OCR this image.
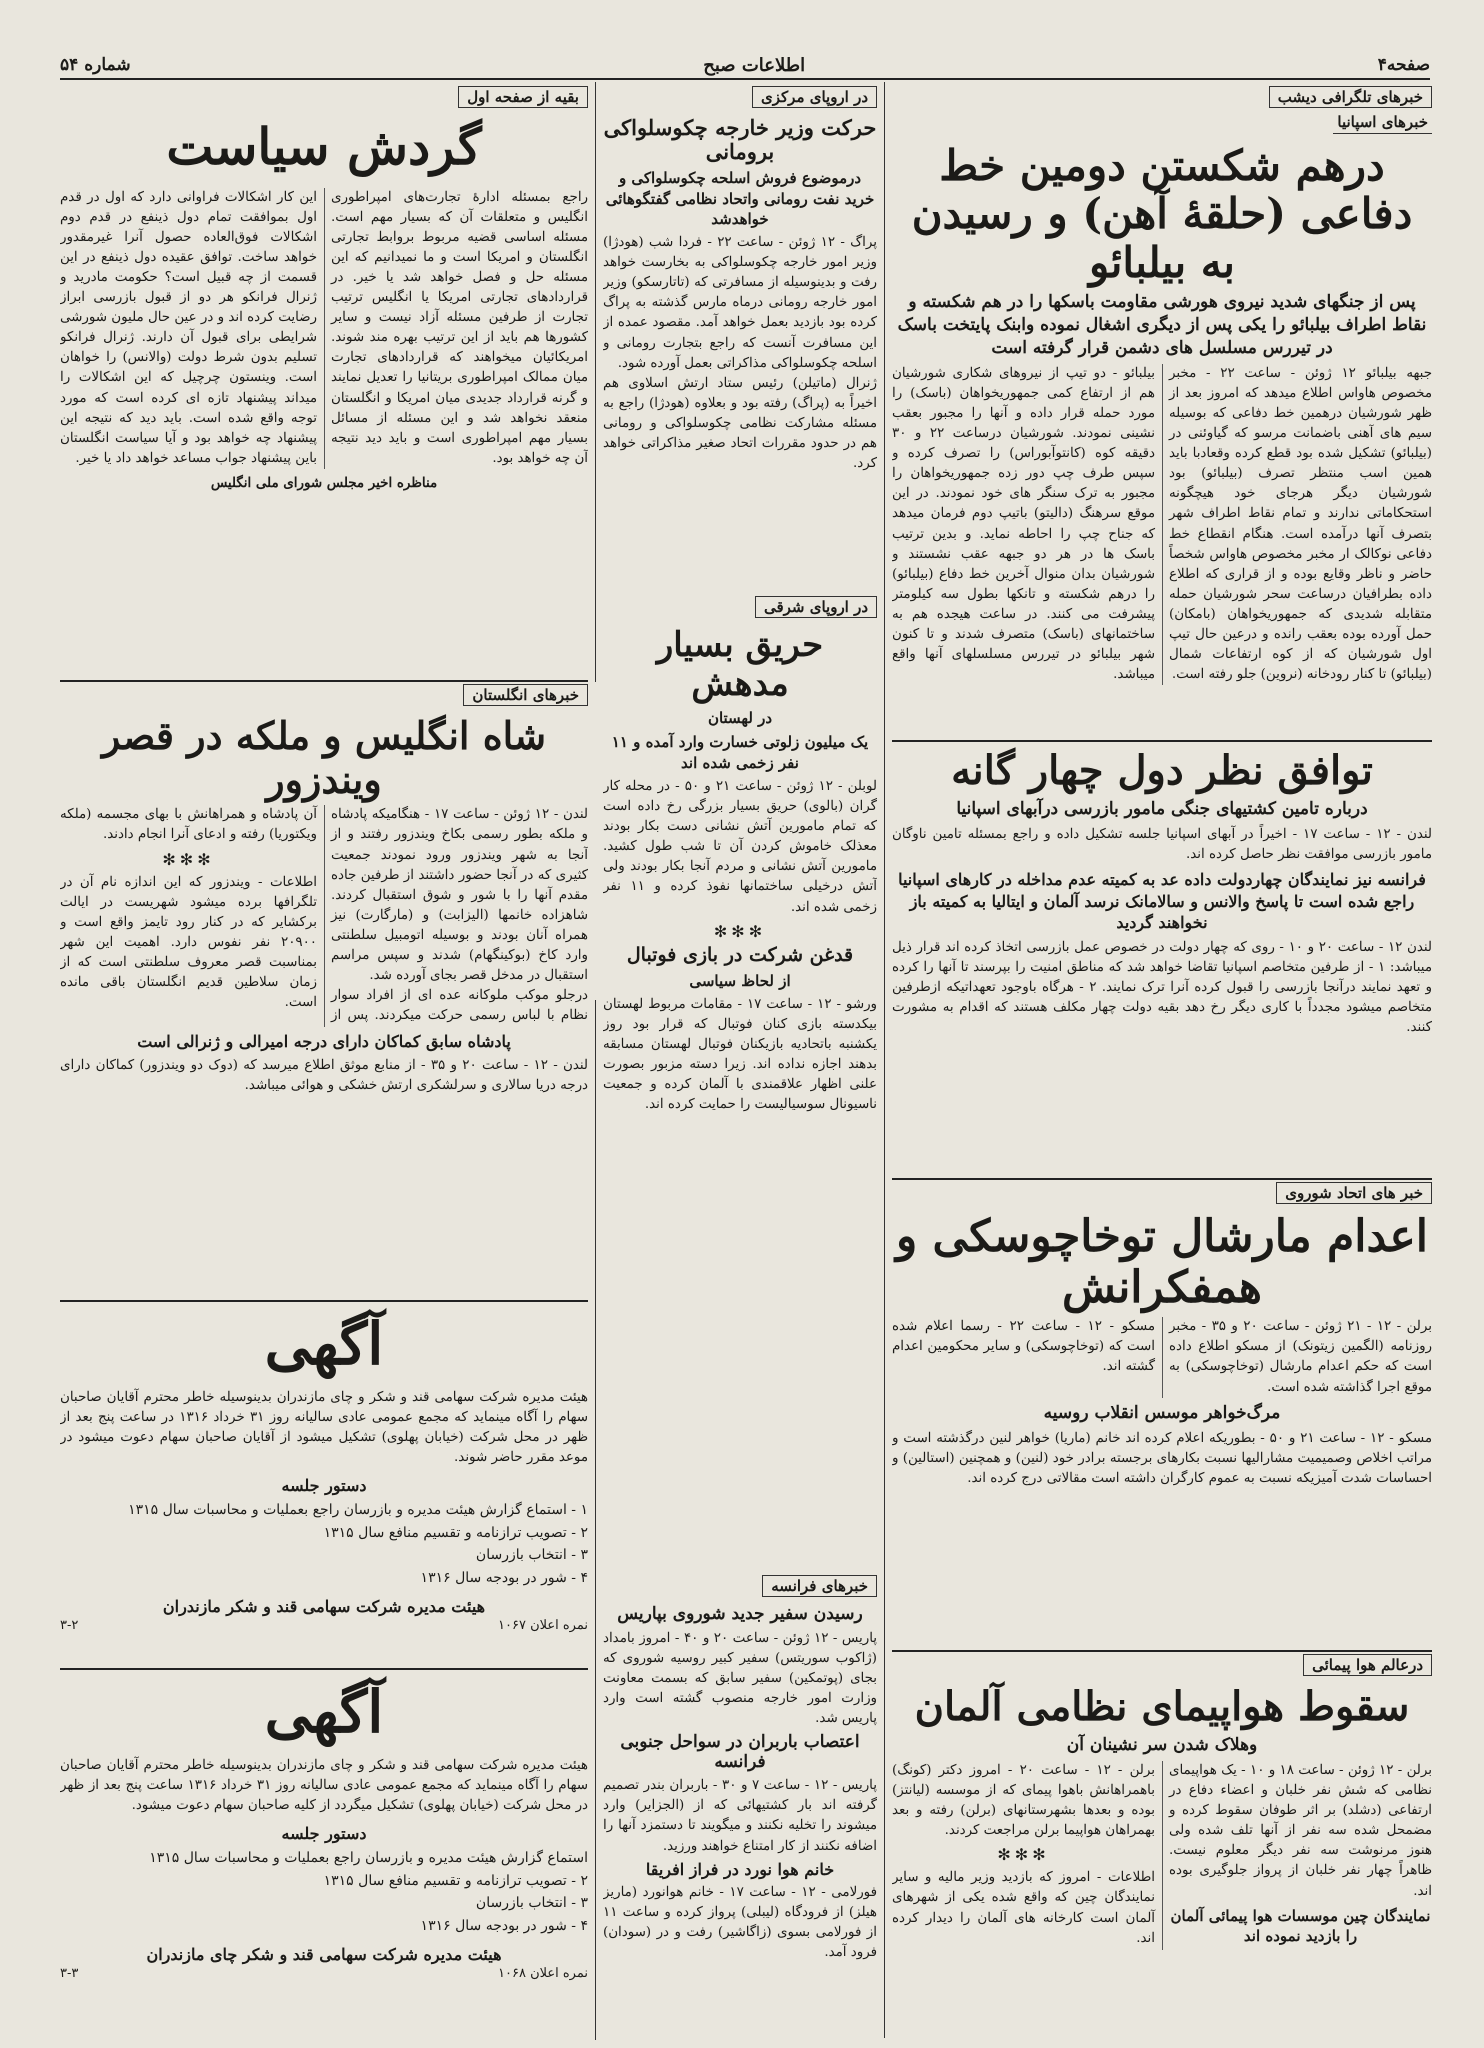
صفحه۴
اطلاعات صبح
شماره ۵۴
خبرهای تلگرافی دیشب
خبرهای اسپانیا
درهم شکستن دومین خط دفاعی (حلقهٔ آهن) و رسیدن به بیلبائو
پس از جنگهای شدید نیروی هورشی مقاومت باسکها را در هم شکسته و نقاط اطراف بیلبائو را یکی پس از دیگری اشغال نموده وابنک پایتخت باسک در تیررس مسلسل های دشمن قرار گرفته است

جبهه بیلبائو ۱۲ ژوئن - ساعت ۲۲ - مخبر مخصوص هاواس اطلاع میدهد که امروز بعد از ظهر شورشیان درهمین خط دفاعی که بوسیله سیم های آهنی باضمانت مرسو که گیاوئنی در (بیلبائو) تشکیل شده بود قطع کرده وقعادبا باید همین اسب منتظر تصرف (بیلبائو) بود شورشیان دیگر هرجای خود هیچگونه استحکاماتی ندارند و تمام نقاط اطراف شهر بتصرف آنها درآمده است. هنگام انقطاع خط دفاعی نوکالک ار مخبر مخصوص هاواس شخصاً حاضر و ناظر وقایع بوده و از قراری که اطلاع داده بطرافیان درساعت سحر شورشیان حمله متقابله شدیدی که جمهوریخواهان (بامکان) حمل آورده بوده بعقب رانده و درعین حال تیپ اول شورشیان که از کوه ارتفاعات شمال (بیلبائو) تا کنار رودخانه (نروین) جلو رفته است.

بیلبائو - دو تیپ از نیروهای شکاری شورشیان هم از ارتفاع کمی جمهوریخواهان (باسک) را مورد حمله قرار داده و آنها را مجبور بعقب نشینی نمودند. شورشیان درساعت ۲۲ و ۳۰ دقیقه کوه (کانتوآبوراس) را تصرف کرده و سپس طرف چپ دور زده جمهوریخواهان را مجبور به ترک سنگر های خود نمودند. در این موقع سرهنگ (دالیتو) باتیپ دوم فرمان میدهد که جناح چپ را احاطه نماید. و بدین ترتیب باسک ها در هر دو جبهه عقب نشستند و شورشیان بدان منوال آخرین خط دفاع (بیلبائو) را درهم شکسته و تانکها بطول سه کیلومتر پیشرفت می کنند. در ساعت هیجده هم به ساختمانهای (باسک) متصرف شدند و تا کنون شهر بیلبائو در تیررس مسلسلهای آنها واقع میباشد.

توافق نظر دول چهار گانه
درباره تامین کشتیهای جنگی مامور بازرسی درآبهای اسپانیا

لندن - ۱۲ - ساعت ۱۷ - اخیراً در آبهای اسپانیا جلسه تشکیل داده و راجع بمسئله تامین ناوگان مامور بازرسی موافقت نظر حاصل کرده اند.

فرانسه نیز نمایندگان چهاردولت داده عد به کمیته عدم مداخله در کارهای اسپانیا راجع شده است تا پاسخ والانس و سالامانک نرسد آلمان و ایتالیا به کمیته باز نخواهند گردید

لندن ۱۲ - ساعت ۲۰ و ۱۰ - روی که چهار دولت در خصوص عمل بازرسی اتخاذ کرده اند قرار ذیل میباشد: ۱ - از طرفین متخاصم اسپانیا تقاضا خواهد شد که مناطق امنیت را بپرسند تا آنها را کرده و تعهد نمایند درآنجا بازرسی را قبول کرده آنرا ترک نمایند. ۲ - هرگاه باوجود تعهداتیکه ازطرفین متخاصم میشود مجدداً با کاری دیگر رخ دهد بقیه دولت چهار مکلف هستند که اقدام به مشورت کنند.

خبر های اتحاد شوروی
اعدام مارشال توخاچوسکی و همفکرانش

برلن - ۱۲ - ۲۱ ژوئن - ساعت ۲۰ و ۳۵ - مخبر روزنامه (الگمین زیتونک) از مسکو اطلاع داده است که حکم اعدام مارشال (توخاچوسکی) به موقع اجرا گذاشته شده است.

مسکو - ۱۲ - ساعت ۲۲ - رسما اعلام شده است که (توخاچوسکی) و سایر محکومین اعدام گشته اند.

مرگ‌خواهر موسس انقلاب روسیه

مسکو - ۱۲ - ساعت ۲۱ و ۵۰ - بطوریکه اعلام کرده اند خانم (ماریا) خواهر لنین درگذشته است و مراتب اخلاص وصمیمیت مشارالیها نسبت بکارهای برجسته برادر خود (لنین) و همچنین (استالین) و احساسات شدت آمیزیکه نسبت به عموم کارگران داشته است مقالاتی درج کرده اند.

درعالم هوا پیمائی
سقوط هواپیمای نظامی آلمان
وهلاک شدن سر نشینان آن

برلن - ۱۲ ژوئن - ساعت ۱۸ و ۱۰ - یک هواپیمای نظامی که شش نفر خلبان و اعضاء دفاع در ارتفاعی (دشلد) بر اثر طوفان سقوط کرده و مضمحل شده سه نفر از آنها تلف شده ولی هنوز مرنوشت سه نفر دیگر معلوم نیست. ظاهراً چهار نفر خلبان از پرواز جلوگیری بوده اند.

نمایندگان چین موسسات هوا پیمائی آلمان را بازدید نموده اند

برلن - ۱۲ - ساعت ۲۰ - امروز دکتر (کونگ) باهمراهانش باهوا پیمای که از موسسه (لیانتز) بوده و بعدها بشهرستانهای (برلن) رفته و بعد بهمراهان هواپیما برلن مراجعت کردند.

✻✻✻

اطلاعات - امروز که بازدید وزیر مالیه و سایر نمایندگان چین که واقع شده یکی از شهرهای آلمان است کارخانه های آلمان را دیدار کرده اند.

در اروپای مرکزی
حرکت وزیر خارجه چکوسلواکی برومانی
درموضوع فروش اسلحه چکوسلواکی و خرید نفت رومانی واتحاد نظامی گفتگوهائی خواهدشد

پراگ - ۱۲ ژوئن - ساعت ۲۲ - فردا شب (هودژا) وزیر امور خارجه چکوسلواکی به بخارست خواهد رفت و بدینوسیله از مسافرتی که (تاتارسکو) وزیر امور خارجه رومانی درماه مارس گذشته به پراگ کرده بود بازدید بعمل خواهد آمد. مقصود عمده از این مسافرت آنست که راجع بتجارت رومانی و اسلحه چکوسلواکی مذاکراتی بعمل آورده شود.

ژنرال (ماتیلن) رئیس ستاد ارتش اسلاوی هم اخیراً به (پراگ) رفته بود و بعلاوه (هودژا) راجع به مسئله مشارکت نظامی چکوسلواکی و رومانی هم در حدود مقررات اتحاد صغیر مذاکراتی خواهد کرد.

در اروپای شرقی
حریق بسیار مدهش
در لهستان
یک میلیون زلوتی خسارت وارد آمده و ۱۱ نفر زخمی شده اند

لوبلن - ۱۲ ژوئن - ساعت ۲۱ و ۵۰ - در محله کار گران (بالوی) حریق بسیار بزرگی رخ داده است که تمام مامورین آتش نشانی دست بکار بودند معذلک خاموش کردن آن تا شب طول کشید. مامورین آتش نشانی و مردم آنجا بکار بودند ولی آتش درخیلی ساختمانها نفوذ کرده و ۱۱ نفر زخمی شده اند.

✻✻✻
قدغن شرکت در بازی فوتبال
از لحاظ سیاسی

ورشو - ۱۲ - ساعت ۱۷ - مقامات مربوط لهستان بیکدسته بازی کنان فوتبال که قرار بود روز یکشنبه باتحادیه بازیکنان فوتبال لهستان مسابقه بدهند اجازه نداده اند. زیرا دسته مزبور بصورت علنی اظهار علاقمندی با آلمان کرده و جمعیت ناسیونال سوسیالیست را حمایت کرده اند.

خبرهای فرانسه
رسیدن سفیر جدید شوروی بپاریس

پاریس - ۱۲ ژوئن - ساعت ۲۰ و ۴۰ - امروز بامداد (ژاکوب سوریتس) سفیر کبیر روسیه شوروی که بجای (پوتمکین) سفیر سابق که بسمت معاونت وزارت امور خارجه منصوب گشته است وارد پاریس شد.

اعتصاب باربران در سواحل جنوبی فرانسه

پاریس - ۱۲ - ساعت ۷ و ۳۰ - باربران بندر تصمیم گرفته اند بار کشتیهائی که از (الجزایر) وارد میشوند را تخلیه نکنند و میگویند تا دستمزد آنها را اضافه نکنند از کار امتناع خواهند ورزید.

خانم هوا نورد در فراز افریقا

فورلامی - ۱۲ - ساعت ۱۷ - خانم هوانورد (ماریز هیلز) از فرودگاه (لیبلی) پرواز کرده و ساعت ۱۱ از فورلامی بسوی (زاگاشیر) رفت و در (سودان) فرود آمد.

بقیه از صفحه اول
گردش سیاست

راجع بمسئله ادارهٔ تجارت‌های امپراطوری انگلیس و متعلقات آن که بسیار مهم است. مسئله اساسی قضیه مربوط بروابط تجارتی انگلستان و امریکا است و ما نمیدانیم که این مسئله حل و فصل خواهد شد یا خیر. در قراردادهای تجارتی امریکا یا انگلیس ترتیب تجارت از طرفین مسئله آزاد نیست و سایر کشورها هم باید از این ترتیب بهره مند شوند. امریکائیان میخواهند که قراردادهای تجارت میان ممالک امپراطوری بریتانیا را تعدیل نمایند و گرنه قرارداد جدیدی میان امریکا و انگلستان منعقد نخواهد شد و این مسئله از مسائل بسیار مهم امپراطوری است و باید دید نتیجه آن چه خواهد بود.

این کار اشکالات فراوانی دارد که اول در قدم اول بموافقت تمام دول ذینفع در قدم دوم اشکالات فوق‌العاده حصول آنرا غیرمقدور خواهد ساخت. توافق عقیده دول ذینفع در این قسمت از چه قبیل است؟ حکومت مادرید و ژنرال فرانکو هر دو از قبول بازرسی ابراز رضایت کرده اند و در عین حال ملیون شورشی شرایطی برای قبول آن دارند. ژنرال فرانکو تسلیم بدون شرط دولت (والانس) را خواهان است. وینستون چرچیل که این اشکالات را میداند پیشنهاد تازه ای کرده است که مورد توجه واقع شده است. باید دید که نتیجه این پیشنهاد چه خواهد بود و آیا سیاست انگلستان باین پیشنهاد جواب مساعد خواهد داد یا خیر.

مناظره اخیر مجلس شورای ملی انگلیس

خبرهای انگلستان
شاه انگلیس و ملکه در قصر ویندزور

لندن - ۱۲ ژوئن - ساعت ۱۷ - هنگامیکه پادشاه و ملکه بطور رسمی بکاخ ویندزور رفتند و از آنجا به شهر ویندزور ورود نمودند جمعیت کثیری که در آنجا حضور داشتند از طرفین جاده مقدم آنها را با شور و شوق استقبال کردند. شاهزاده خانمها (الیزابت) و (مارگارت) نیز همراه آنان بودند و بوسیله اتومبیل سلطنتی وارد کاخ (بوکینگهام) شدند و سپس مراسم استقبال در مدخل قصر بجای آورده شد.

درجلو موکب ملوکانه عده ای از افراد سوار نظام با لباس رسمی حرکت میکردند. پس از آن پادشاه و همراهانش با بهای مجسمه (ملکه ویکتوریا) رفته و ادعای آنرا انجام دادند.

✻✻✻

اطلاعات - ویندزور که این اندازه نام آن در تلگرافها برده میشود شهریست در ایالت برکشایر که در کنار رود تایمز واقع است و ۲۰۹۰۰ نفر نفوس دارد. اهمیت این شهر بمناسبت قصر معروف سلطنتی است که از زمان سلاطین قدیم انگلستان باقی مانده است.

پادشاه سابق کماکان دارای درجه امیرالی و ژنرالی است

لندن - ۱۲ - ساعت ۲۰ و ۳۵ - از منابع موثق اطلاع میرسد که (دوک دو ویندزور) کماکان دارای درجه دریا سالاری و سرلشکری ارتش خشکی و هوائی میباشد.

آگهی

هیئت مدیره شرکت سهامی قند و شکر و چای مازندران بدینوسیله خاطر محترم آقایان صاحبان سهام را آگاه مینماید که مجمع عمومی عادی سالیانه روز ۳۱ خرداد ۱۳۱۶ در ساعت پنج بعد از ظهر در محل شرکت (خیابان پهلوی) تشکیل میشود از آقایان صاحبان سهام دعوت میشود در موعد مقرر حاضر شوند.

دستور جلسه
۱ - استماع گزارش هیئت مدیره و بازرسان راجع بعملیات و محاسبات سال ۱۳۱۵
۲ - تصویب ترازنامه و تقسیم منافع سال ۱۳۱۵
۳ - انتخاب بازرسان
۴ - شور در بودجه سال ۱۳۱۶
هیئت مدیره شرکت سهامی قند و شکر مازندران
نمره اعلان ۱۰۶۷
۳-۲
آگهی

هیئت مدیره شرکت سهامی قند و شکر و چای مازندران بدینوسیله خاطر محترم آقایان صاحبان سهام را آگاه مینماید که مجمع عمومی عادی سالیانه روز ۳۱ خرداد ۱۳۱۶ ساعت پنج بعد از ظهر در محل شرکت (خیابان پهلوی) تشکیل میگردد از کلیه صاحبان سهام دعوت میشود.

دستور جلسه
استماع گزارش هیئت مدیره و بازرسان راجع بعملیات و محاسبات سال ۱۳۱۵
۲ - تصویب ترازنامه و تقسیم منافع سال ۱۳۱۵
۳ - انتخاب بازرسان
۴ - شور در بودجه سال ۱۳۱۶
هیئت مدیره شرکت سهامی قند و شکر چای مازندران
نمره اعلان ۱۰۶۸
۳-۳
